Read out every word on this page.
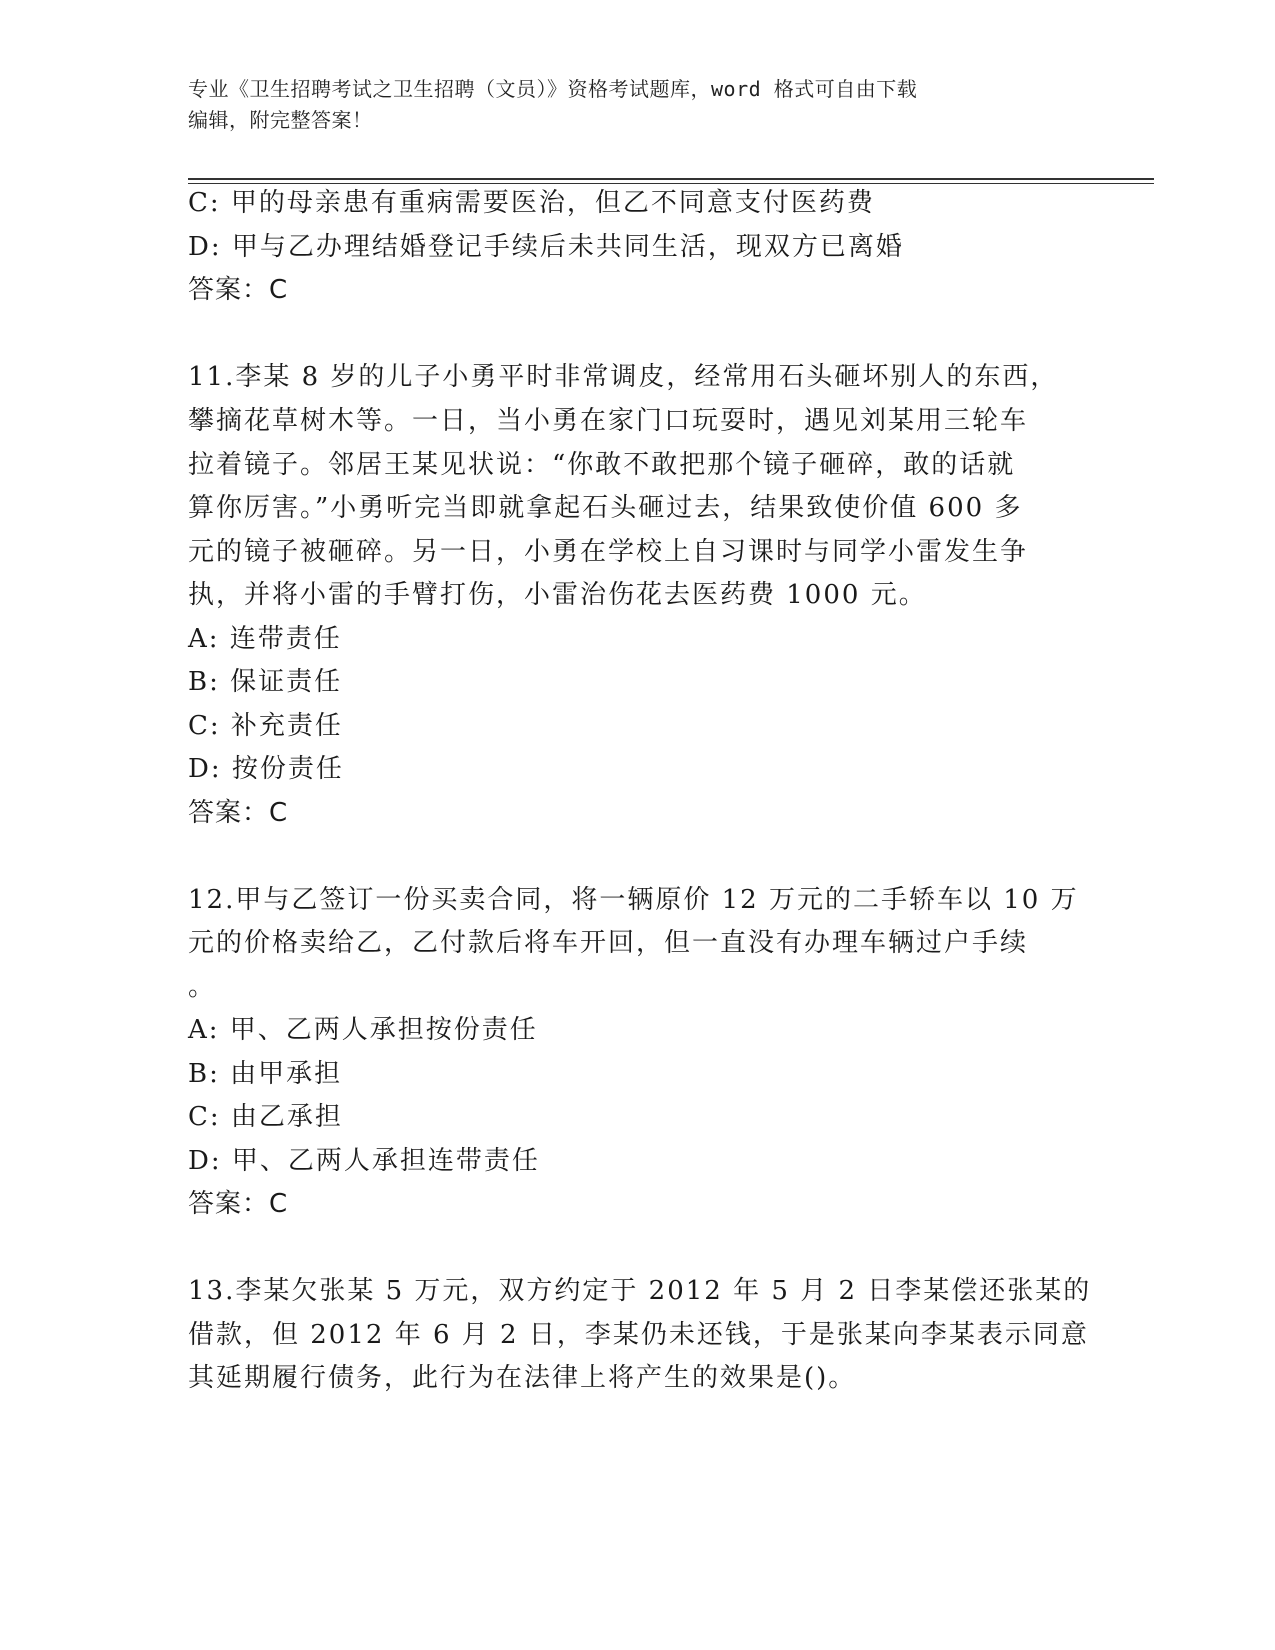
专业《卫生招聘考试之卫生招聘（文员）》资格考试题库，word 格式可自由下载
编辑，附完整答案！
C: 甲的母亲患有重病需要医治，但乙不同意支付医药费
D: 甲与乙办理结婚登记手续后未共同生活，现双方已离婚
答案：C
11.李某 8 岁的儿子小勇平时非常调皮，经常用石头砸坏别人的东西，
攀摘花草树木等。一日，当小勇在家门口玩耍时，遇见刘某用三轮车
拉着镜子。邻居王某见状说：“你敢不敢把那个镜子砸碎，敢的话就
算你厉害。”小勇听完当即就拿起石头砸过去，结果致使价值 600 多
元的镜子被砸碎。另一日，小勇在学校上自习课时与同学小雷发生争
执，并将小雷的手臂打伤，小雷治伤花去医药费 1000 元。
A: 连带责任
B: 保证责任
C: 补充责任
D: 按份责任
答案：C
12.甲与乙签订一份买卖合同，将一辆原价 12 万元的二手轿车以 10 万
元的价格卖给乙，乙付款后将车开回，但一直没有办理车辆过户手续
。
A: 甲、乙两人承担按份责任
B: 由甲承担
C: 由乙承担
D: 甲、乙两人承担连带责任
答案：C
13.李某欠张某 5 万元，双方约定于 2012 年 5 月 2 日李某偿还张某的
借款，但 2012 年 6 月 2 日，李某仍未还钱，于是张某向李某表示同意
其延期履行债务，此行为在法律上将产生的效果是()。
